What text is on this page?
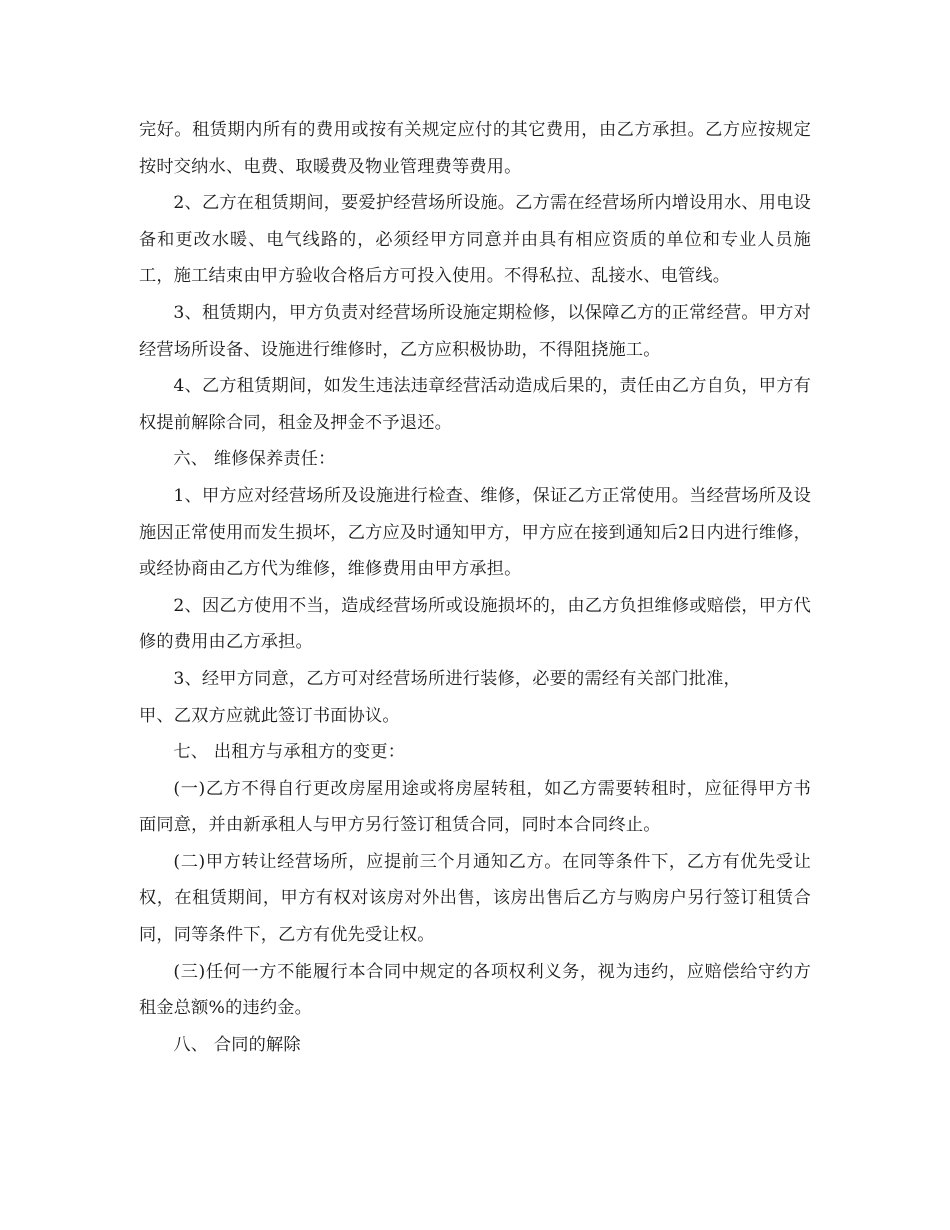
完好。租赁期内所有的费用或按有关规定应付的其它费用，由乙方承担。乙方应按规定按时交纳水、电费、取暖费及物业管理费等费用。

2、乙方在租赁期间，要爱护经营场所设施。乙方需在经营场所内增设用水、用电设备和更改水暖、电气线路的，必须经甲方同意并由具有相应资质的单位和专业人员施工，施工结束由甲方验收合格后方可投入使用。不得私拉、乱接水、电管线。

3、租赁期内，甲方负责对经营场所设施定期检修，以保障乙方的正常经营。甲方对经营场所设备、设施进行维修时，乙方应积极协助，不得阻挠施工。

4、乙方租赁期间，如发生违法违章经营活动造成后果的，责任由乙方自负，甲方有权提前解除合同，租金及押金不予退还。

六、 维修保养责任：

1、甲方应对经营场所及设施进行检查、维修，保证乙方正常使用。当经营场所及设施因正常使用而发生损坏，乙方应及时通知甲方，甲方应在接到通知后2日内进行维修，或经协商由乙方代为维修，维修费用由甲方承担。

2、因乙方使用不当，造成经营场所或设施损坏的，由乙方负担维修或赔偿，甲方代修的费用由乙方承担。

3、经甲方同意，乙方可对经营场所进行装修，必要的需经有关部门批准，

甲、乙双方应就此签订书面协议。

七、 出租方与承租方的变更：

(一)乙方不得自行更改房屋用途或将房屋转租，如乙方需要转租时，应征得甲方书面同意，并由新承租人与甲方另行签订租赁合同，同时本合同终止。

(二)甲方转让经营场所，应提前三个月通知乙方。在同等条件下，乙方有优先受让权，在租赁期间，甲方有权对该房对外出售，该房出售后乙方与购房户另行签订租赁合同，同等条件下，乙方有优先受让权。

(三)任何一方不能履行本合同中规定的各项权利义务，视为违约，应赔偿给守约方租金总额%的违约金。

八、 合同的解除
